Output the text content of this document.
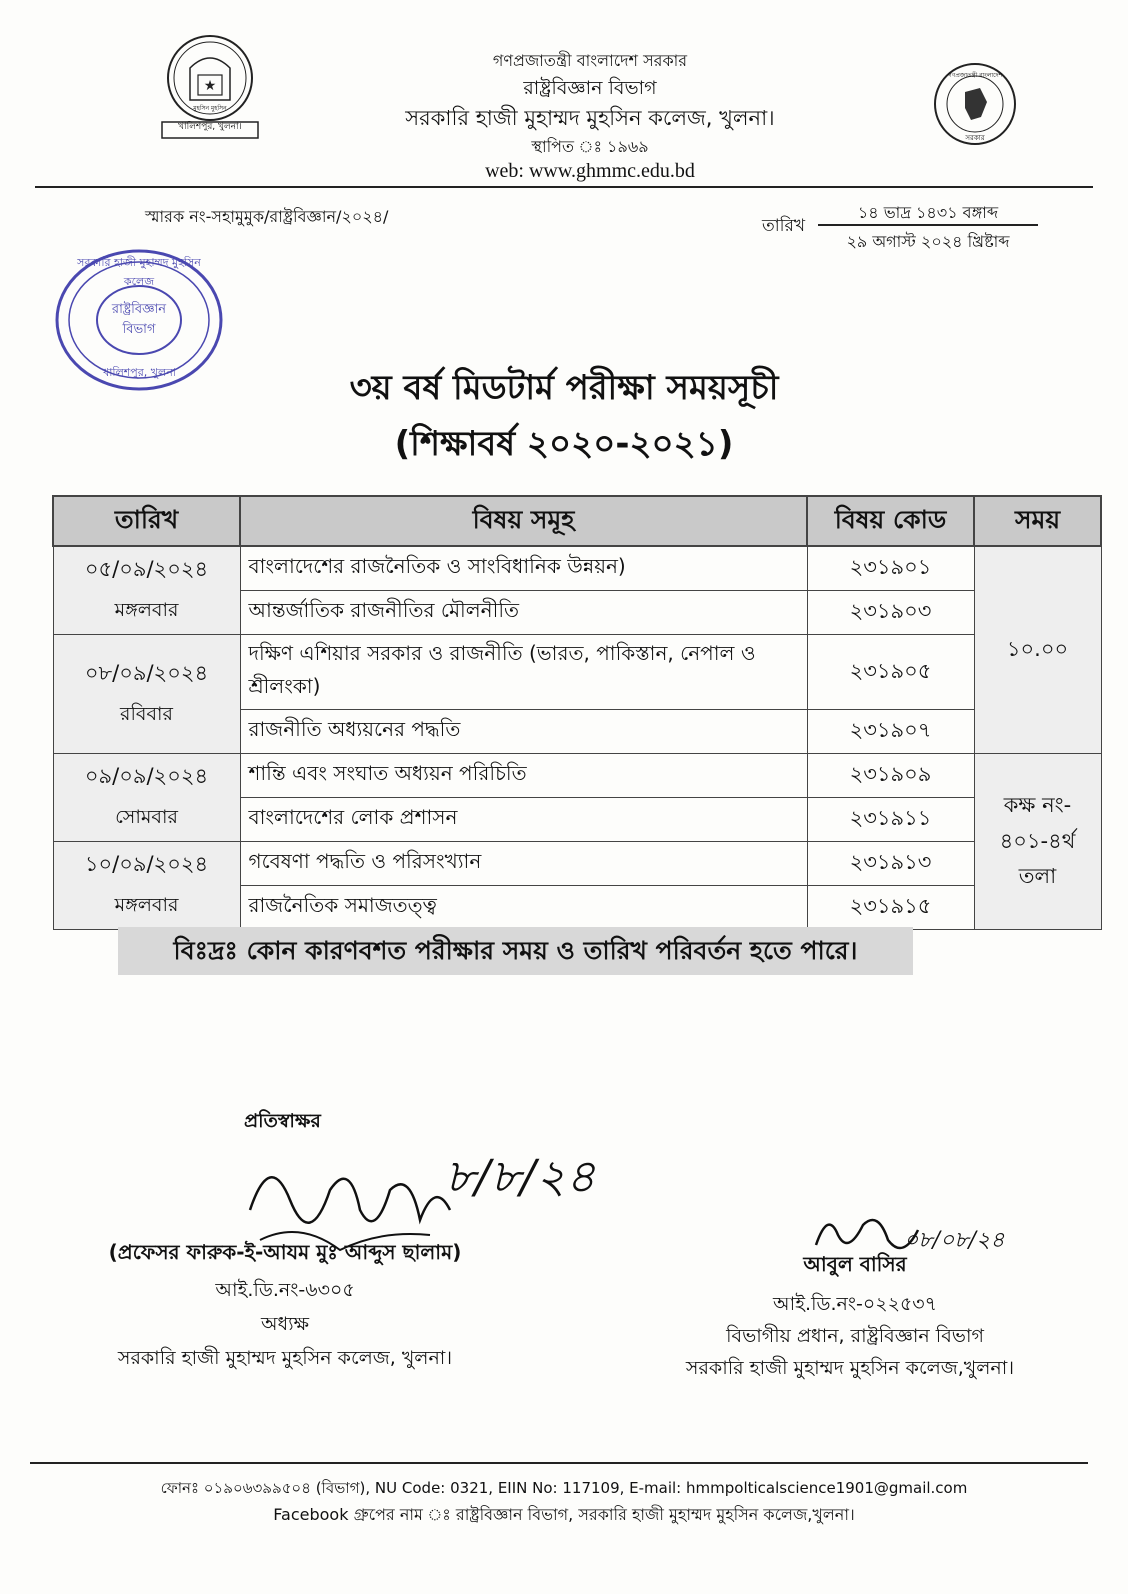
★
খালিশপুর, খুলনা।
মুহসিন মুহসিন
গণপ্রজাতন্ত্রী বাংলাদেশ
সরকার
গণপ্রজাতন্ত্রী বাংলাদেশ সরকার
রাষ্ট্রবিজ্ঞান বিভাগ
সরকারি হাজী মুহাম্মদ মুহসিন কলেজ, খুলনা।
স্থাপিত ঃ ১৯৬৯
web: www.ghmmc.edu.bd
স্মারক নং-সহামুমুক/রাষ্ট্রবিজ্ঞান/২০২৪/	তারিখ
১৪ ভাদ্র ১৪৩১ বঙ্গাব্দ
২৯ অগাস্ট ২০২৪ খ্রিষ্টাব্দ
সরকারি হাজী মুহাম্মদ মুহসিন কলেজ
রাষ্ট্রবিজ্ঞান
বিভাগ
খালিশপুর, খুলনা	৩য় বর্ষ মিডটার্ম পরীক্ষা সময়সূচী
(শিক্ষাবর্ষ ২০২০-২০২১)
তারিখ	বিষয় সমূহ	বিষয় কোড	সময়

০৫/০৯/২০২৪
মঙ্গলবার	বাংলাদেশের রাজনৈতিক ও সাংবিধানিক উন্নয়ন)	২৩১৯০১	১০.০০
	আন্তর্জাতিক রাজনীতির মৌলনীতি	২৩১৯০৩	

০৮/০৯/২০২৪
রবিবার	দক্ষিণ এশিয়ার সরকার ও রাজনীতি (ভারত, পাকিস্তান, নেপাল ও শ্রীলংকা)	২৩১৯০৫	
	রাজনীতি অধ্যয়নের পদ্ধতি	২৩১৯০৭	

০৯/০৯/২০২৪
সোমবার	শান্তি এবং সংঘাত অধ্যয়ন পরিচিতি	২৩১৯০৯	কক্ষ নং- ৪০১-৪র্থ তলা
	বাংলাদেশের লোক প্রশাসন	২৩১৯১১	

১০/০৯/২০২৪
মঙ্গলবার	গবেষণা পদ্ধতি ও পরিসংখ্যান	২৩১৯১৩	
	রাজনৈতিক সমাজতত্ত্ব	২৩১৯১৫	
বিঃদ্রঃ কোন কারণবশত পরীক্ষার সময় ও তারিখ পরিবর্তন হতে পারে।
প্রতিস্বাক্ষর
৮/৮/২৪
(প্রফেসর ফারুক-ই-আযম মুঃ আব্দুস ছালাম)
আই.ডি.নং-৬৩০৫
অধ্যক্ষ
সরকারি হাজী মুহাম্মদ মুহসিন কলেজ, খুলনা।
০৮/০৮/২৪
আবুল বাসির
আই.ডি.নং-০২২৫৩৭
বিভাগীয় প্রধান, রাষ্ট্রবিজ্ঞান বিভাগ
সরকারি হাজী মুহাম্মদ মুহসিন কলেজ,খুলনা।
ফোনঃ ০১৯০৬৩৯৯৫০৪ (বিভাগ), NU Code: 0321, EIIN No: 117109, E-mail: hmmpolticalscience1901@gmail.com
Facebook গ্রুপের নাম ঃ রাষ্ট্রবিজ্ঞান বিভাগ, সরকারি হাজী মুহাম্মদ মুহসিন কলেজ,খুলনা।
